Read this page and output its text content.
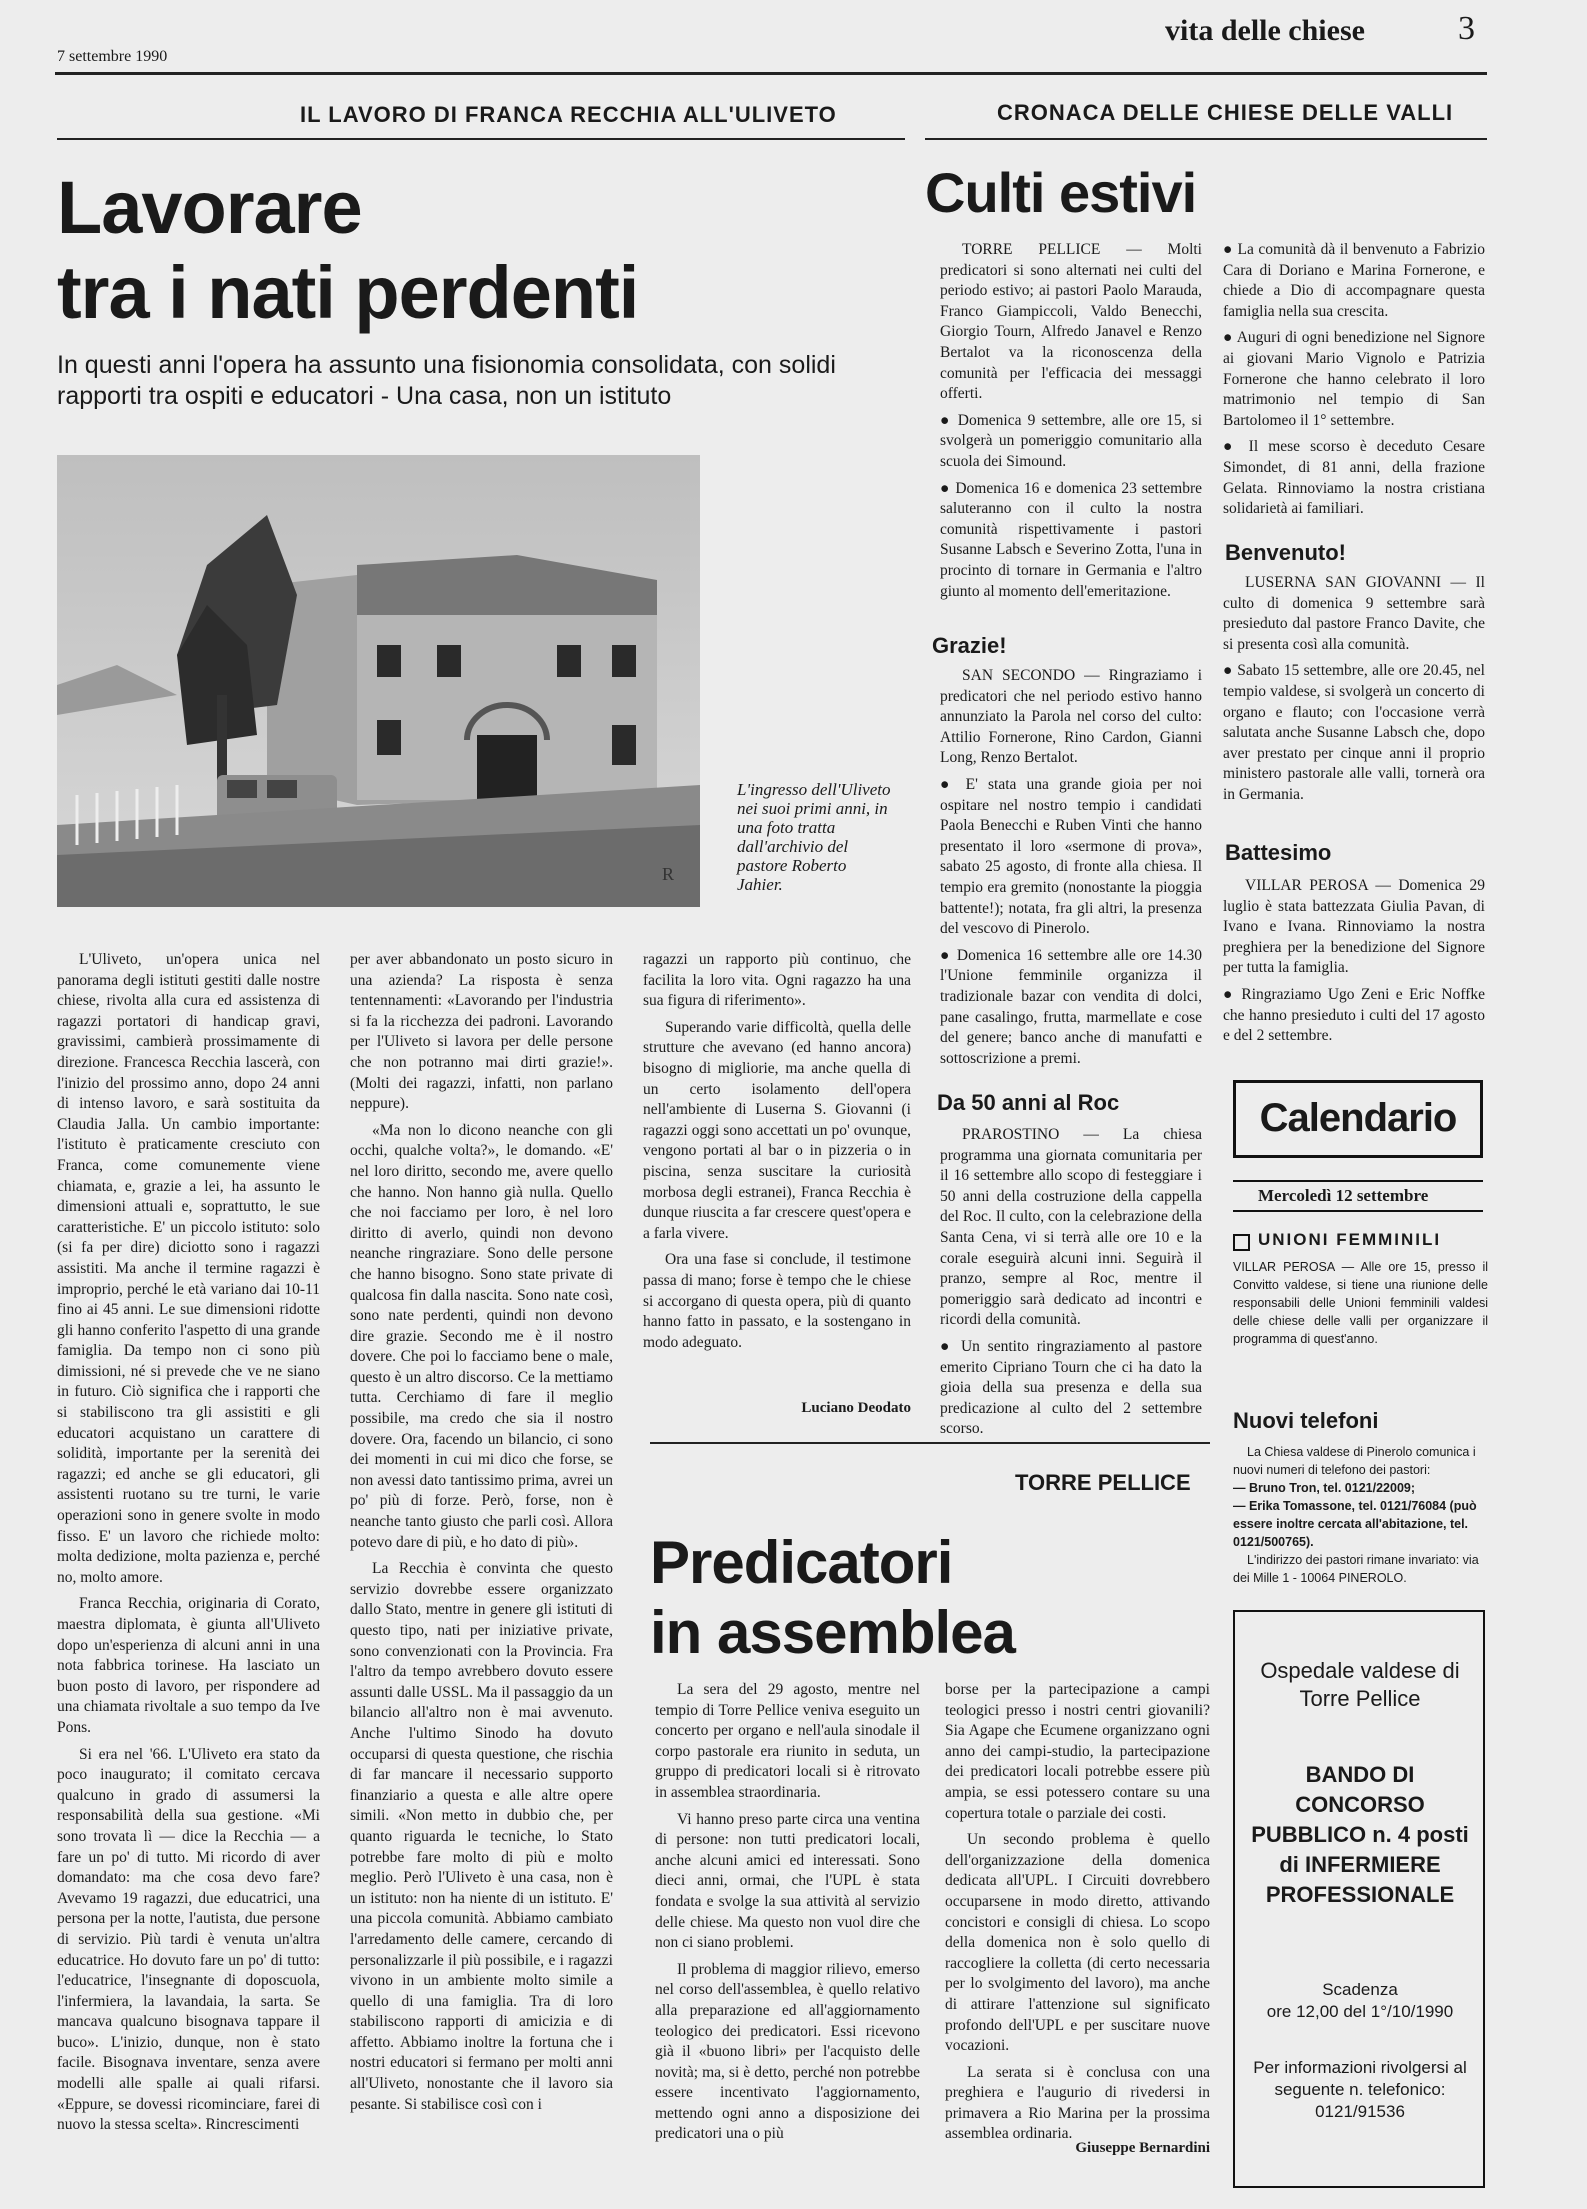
7 settembre 1990
vita delle chiese	3
IL LAVORO DI FRANCA RECCHIA ALL'ULIVETO
Lavorare
tra i nati perdenti
In questi anni l'opera ha assunto una fisionomia consolidata, con solidi rapporti tra ospiti e educatori - Una casa, non un istituto
R
L'ingresso dell'Uliveto nei suoi primi anni, in una foto tratta dall'archivio del pastore Roberto Jahier.

L'Uliveto, un'opera unica nel panorama degli istituti gestiti dalle nostre chiese, rivolta alla cura ed assistenza di ragazzi portatori di handicap gravi, gravissimi, cambierà prossimamente di direzione. Francesca Recchia lascerà, con l'inizio del prossimo anno, dopo 24 anni di intenso lavoro, e sarà sostituita da Claudia Jalla. Un cambio importante: l'istituto è praticamente cresciuto con Franca, come comunemente viene chiamata, e, grazie a lei, ha assunto le dimensioni attuali e, soprattutto, le sue caratteristiche. E' un piccolo istituto: solo (si fa per dire) diciotto sono i ragazzi assistiti. Ma anche il termine ragazzi è improprio, perché le età variano dai 10-11 fino ai 45 anni. Le sue dimensioni ridotte gli hanno conferito l'aspetto di una grande famiglia. Da tempo non ci sono più dimissioni, né si prevede che ve ne siano in futuro. Ciò significa che i rapporti che si stabiliscono tra gli assistiti e gli educatori acquistano un carattere di solidità, importante per la serenità dei ragazzi; ed anche se gli educatori, gli assistenti ruotano su tre turni, le varie operazioni sono in genere svolte in modo fisso. E' un lavoro che richiede molto: molta dedizione, molta pazienza e, perché no, molto amore.

Franca Recchia, originaria di Corato, maestra diplomata, è giunta all'Uliveto dopo un'esperienza di alcuni anni in una nota fabbrica torinese. Ha lasciato un buon posto di lavoro, per rispondere ad una chiamata rivoltale a suo tempo da Ive Pons.

Si era nel '66. L'Uliveto era stato da poco inaugurato; il comitato cercava qualcuno in grado di assumersi la responsabilità della sua gestione. «Mi sono trovata lì — dice la Recchia — a fare un po' di tutto. Mi ricordo di aver domandato: ma che cosa devo fare? Avevamo 19 ragazzi, due educatrici, una persona per la notte, l'autista, due persone di servizio. Più tardi è venuta un'altra educatrice. Ho dovuto fare un po' di tutto: l'educatrice, l'insegnante di doposcuola, l'infermiera, la lavandaia, la sarta. Se mancava qualcuno bisognava tappare il buco». L'inizio, dunque, non è stato facile. Bisognava inventare, senza avere modelli alle spalle ai quali rifarsi. «Eppure, se dovessi ricominciare, farei di nuovo la stessa scelta». Rincrescimenti

per aver abbandonato un posto sicuro in una azienda? La risposta è senza tentennamenti: «Lavorando per l'industria si fa la ricchezza dei padroni. Lavorando per l'Uliveto si lavora per delle persone che non potranno mai dirti grazie!». (Molti dei ragazzi, infatti, non parlano neppure).

«Ma non lo dicono neanche con gli occhi, qualche volta?», le domando. «E' nel loro diritto, secondo me, avere quello che hanno. Non hanno già nulla. Quello che noi facciamo per loro, è nel loro diritto di averlo, quindi non devono neanche ringraziare. Sono delle persone che hanno bisogno. Sono state private di qualcosa fin dalla nascita. Sono nate così, sono nate perdenti, quindi non devono dire grazie. Secondo me è il nostro dovere. Che poi lo facciamo bene o male, questo è un altro discorso. Ce la mettiamo tutta. Cerchiamo di fare il meglio possibile, ma credo che sia il nostro dovere. Ora, facendo un bilancio, ci sono dei momenti in cui mi dico che forse, se non avessi dato tantissimo prima, avrei un po' più di forze. Però, forse, non è neanche tanto giusto che parli così. Allora potevo dare di più, e ho dato di più».

La Recchia è convinta che questo servizio dovrebbe essere organizzato dallo Stato, mentre in genere gli istituti di questo tipo, nati per iniziative private, sono convenzionati con la Provincia. Fra l'altro da tempo avrebbero dovuto essere assunti dalle USSL. Ma il passaggio da un bilancio all'altro non è mai avvenuto. Anche l'ultimo Sinodo ha dovuto occuparsi di questa questione, che rischia di far mancare il necessario supporto finanziario a questa e alle altre opere simili. «Non metto in dubbio che, per quanto riguarda le tecniche, lo Stato potrebbe fare molto di più e molto meglio. Però l'Uliveto è una casa, non è un istituto: non ha niente di un istituto. E' una piccola comunità. Abbiamo cambiato l'arredamento delle camere, cercando di personalizzarle il più possibile, e i ragazzi vivono in un ambiente molto simile a quello di una famiglia. Tra di loro stabiliscono rapporti di amicizia e di affetto. Abbiamo inoltre la fortuna che i nostri educatori si fermano per molti anni all'Uliveto, nonostante che il lavoro sia pesante. Si stabilisce così con i

ragazzi un rapporto più continuo, che facilita la loro vita. Ogni ragazzo ha una sua figura di riferimento».

Superando varie difficoltà, quella delle strutture che avevano (ed hanno ancora) bisogno di migliorie, ma anche quella di un certo isolamento dell'opera nell'ambiente di Luserna S. Giovanni (i ragazzi oggi sono accettati un po' ovunque, vengono portati al bar o in pizzeria o in piscina, senza suscitare la curiosità morbosa degli estranei), Franca Recchia è dunque riuscita a far crescere quest'opera e a farla vivere.

Ora una fase si conclude, il testimone passa di mano; forse è tempo che le chiese si accorgano di questa opera, più di quanto hanno fatto in passato, e la sostengano in modo adeguato.

Luciano Deodato
TORRE PELLICE
Predicatori
in assemblea

La sera del 29 agosto, mentre nel tempio di Torre Pellice veniva eseguito un concerto per organo e nell'aula sinodale il corpo pastorale era riunito in seduta, un gruppo di predicatori locali si è ritrovato in assemblea straordinaria.

Vi hanno preso parte circa una ventina di persone: non tutti predicatori locali, anche alcuni amici ed interessati. Sono dieci anni, ormai, che l'UPL è stata fondata e svolge la sua attività al servizio delle chiese. Ma questo non vuol dire che non ci siano problemi.

Il problema di maggior rilievo, emerso nel corso dell'assemblea, è quello relativo alla preparazione ed all'aggiornamento teologico dei predicatori. Essi ricevono già il «buono libri» per l'acquisto delle novità; ma, si è detto, perché non potrebbe essere incentivato l'aggiornamento, mettendo ogni anno a disposizione dei predicatori una o più

borse per la partecipazione a campi teologici presso i nostri centri giovanili? Sia Agape che Ecumene organizzano ogni anno dei campi-studio, la partecipazione dei predicatori locali potrebbe essere più ampia, se essi potessero contare su una copertura totale o parziale dei costi.

Un secondo problema è quello dell'organizzazione della domenica dedicata all'UPL. I Circuiti dovrebbero occuparsene in modo diretto, attivando concistori e consigli di chiesa. Lo scopo della domenica non è solo quello di raccogliere la colletta (di certo necessaria per lo svolgimento del lavoro), ma anche di attirare l'attenzione sul significato profondo dell'UPL e per suscitare nuove vocazioni.

La serata si è conclusa con una preghiera e l'augurio di rivedersi in primavera a Rio Marina per la prossima assemblea ordinaria.

Giuseppe Bernardini
CRONACA DELLE CHIESE DELLE VALLI
Culti estivi

TORRE PELLICE — Molti predicatori si sono alternati nei culti del periodo estivo; ai pastori Paolo Marauda, Franco Giampiccoli, Valdo Benecchi, Giorgio Tourn, Alfredo Janavel e Renzo Bertalot va la riconoscenza della comunità per l'efficacia dei messaggi offerti.

● Domenica 9 settembre, alle ore 15, si svolgerà un pomeriggio comunitario alla scuola dei Simound.

● Domenica 16 e domenica 23 settembre saluteranno con il culto la nostra comunità rispettivamente i pastori Susanne Labsch e Severino Zotta, l'una in procinto di tornare in Germania e l'altro giunto al momento dell'emeritazione.

Grazie!

SAN SECONDO — Ringraziamo i predicatori che nel periodo estivo hanno annunziato la Parola nel corso del culto: Attilio Fornerone, Rino Cardon, Gianni Long, Renzo Bertalot.

● E' stata una grande gioia per noi ospitare nel nostro tempio i candidati Paola Benecchi e Ruben Vinti che hanno presentato il loro «sermone di prova», sabato 25 agosto, di fronte alla chiesa. Il tempio era gremito (nonostante la pioggia battente!); notata, fra gli altri, la presenza del vescovo di Pinerolo.

● Domenica 16 settembre alle ore 14.30 l'Unione femminile organizza il tradizionale bazar con vendita di dolci, pane casalingo, frutta, marmellate e cose del genere; banco anche di manufatti e sottoscrizione a premi.

Da 50 anni al Roc

PRAROSTINO — La chiesa programma una giornata comunitaria per il 16 settembre allo scopo di festeggiare i 50 anni della costruzione della cappella del Roc. Il culto, con la celebrazione della Santa Cena, vi si terrà alle ore 10 e la corale eseguirà alcuni inni. Seguirà il pranzo, sempre al Roc, mentre il pomeriggio sarà dedicato ad incontri e ricordi della comunità.

● Un sentito ringraziamento al pastore emerito Cipriano Tourn che ci ha dato la gioia della sua presenza e della sua predicazione al culto del 2 settembre scorso.

● La comunità dà il benvenuto a Fabrizio Cara di Doriano e Marina Fornerone, e chiede a Dio di accompagnare questa famiglia nella sua crescita.

● Auguri di ogni benedizione nel Signore ai giovani Mario Vignolo e Patrizia Fornerone che hanno celebrato il loro matrimonio nel tempio di San Bartolomeo il 1° settembre.

● Il mese scorso è deceduto Cesare Simondet, di 81 anni, della frazione Gelata. Rinnoviamo la nostra cristiana solidarietà ai familiari.

Benvenuto!

LUSERNA SAN GIOVANNI — Il culto di domenica 9 settembre sarà presieduto dal pastore Franco Davite, che si presenta così alla comunità.

● Sabato 15 settembre, alle ore 20.45, nel tempio valdese, si svolgerà un concerto di organo e flauto; con l'occasione verrà salutata anche Susanne Labsch che, dopo aver prestato per cinque anni il proprio ministero pastorale alle valli, tornerà ora in Germania.

Battesimo

VILLAR PEROSA — Domenica 29 luglio è stata battezzata Giulia Pavan, di Ivano e Ivana. Rinnoviamo la nostra preghiera per la benedizione del Signore per tutta la famiglia.

● Ringraziamo Ugo Zeni e Eric Noffke che hanno presieduto i culti del 17 agosto e del 2 settembre.

Calendario
Mercoledì 12 settembre
UNIONI FEMMINILI
VILLAR PEROSA — Alle ore 15, presso il Convitto valdese, si tiene una riunione delle responsabili delle Unioni femminili valdesi delle chiese delle valli per organizzare il programma di quest'anno.
Nuovi telefoni
La Chiesa valdese di Pinerolo comunica i nuovi numeri di telefono dei pastori:
— Bruno Tron, tel. 0121/22009;
— Erika Tomassone, tel. 0121/76084 (può essere inoltre cercata all'abitazione, tel. 0121/500765).
L'indirizzo dei pastori rimane invariato: via dei Mille 1 - 10064 PINEROLO.
Ospedale valdese di Torre Pellice
BANDO DI CONCORSO PUBBLICO n. 4 posti di INFERMIERE PROFESSIONALE
Scadenza
ore 12,00 del 1°/10/1990
Per informazioni rivolgersi al seguente n. telefonico:
0121/91536
